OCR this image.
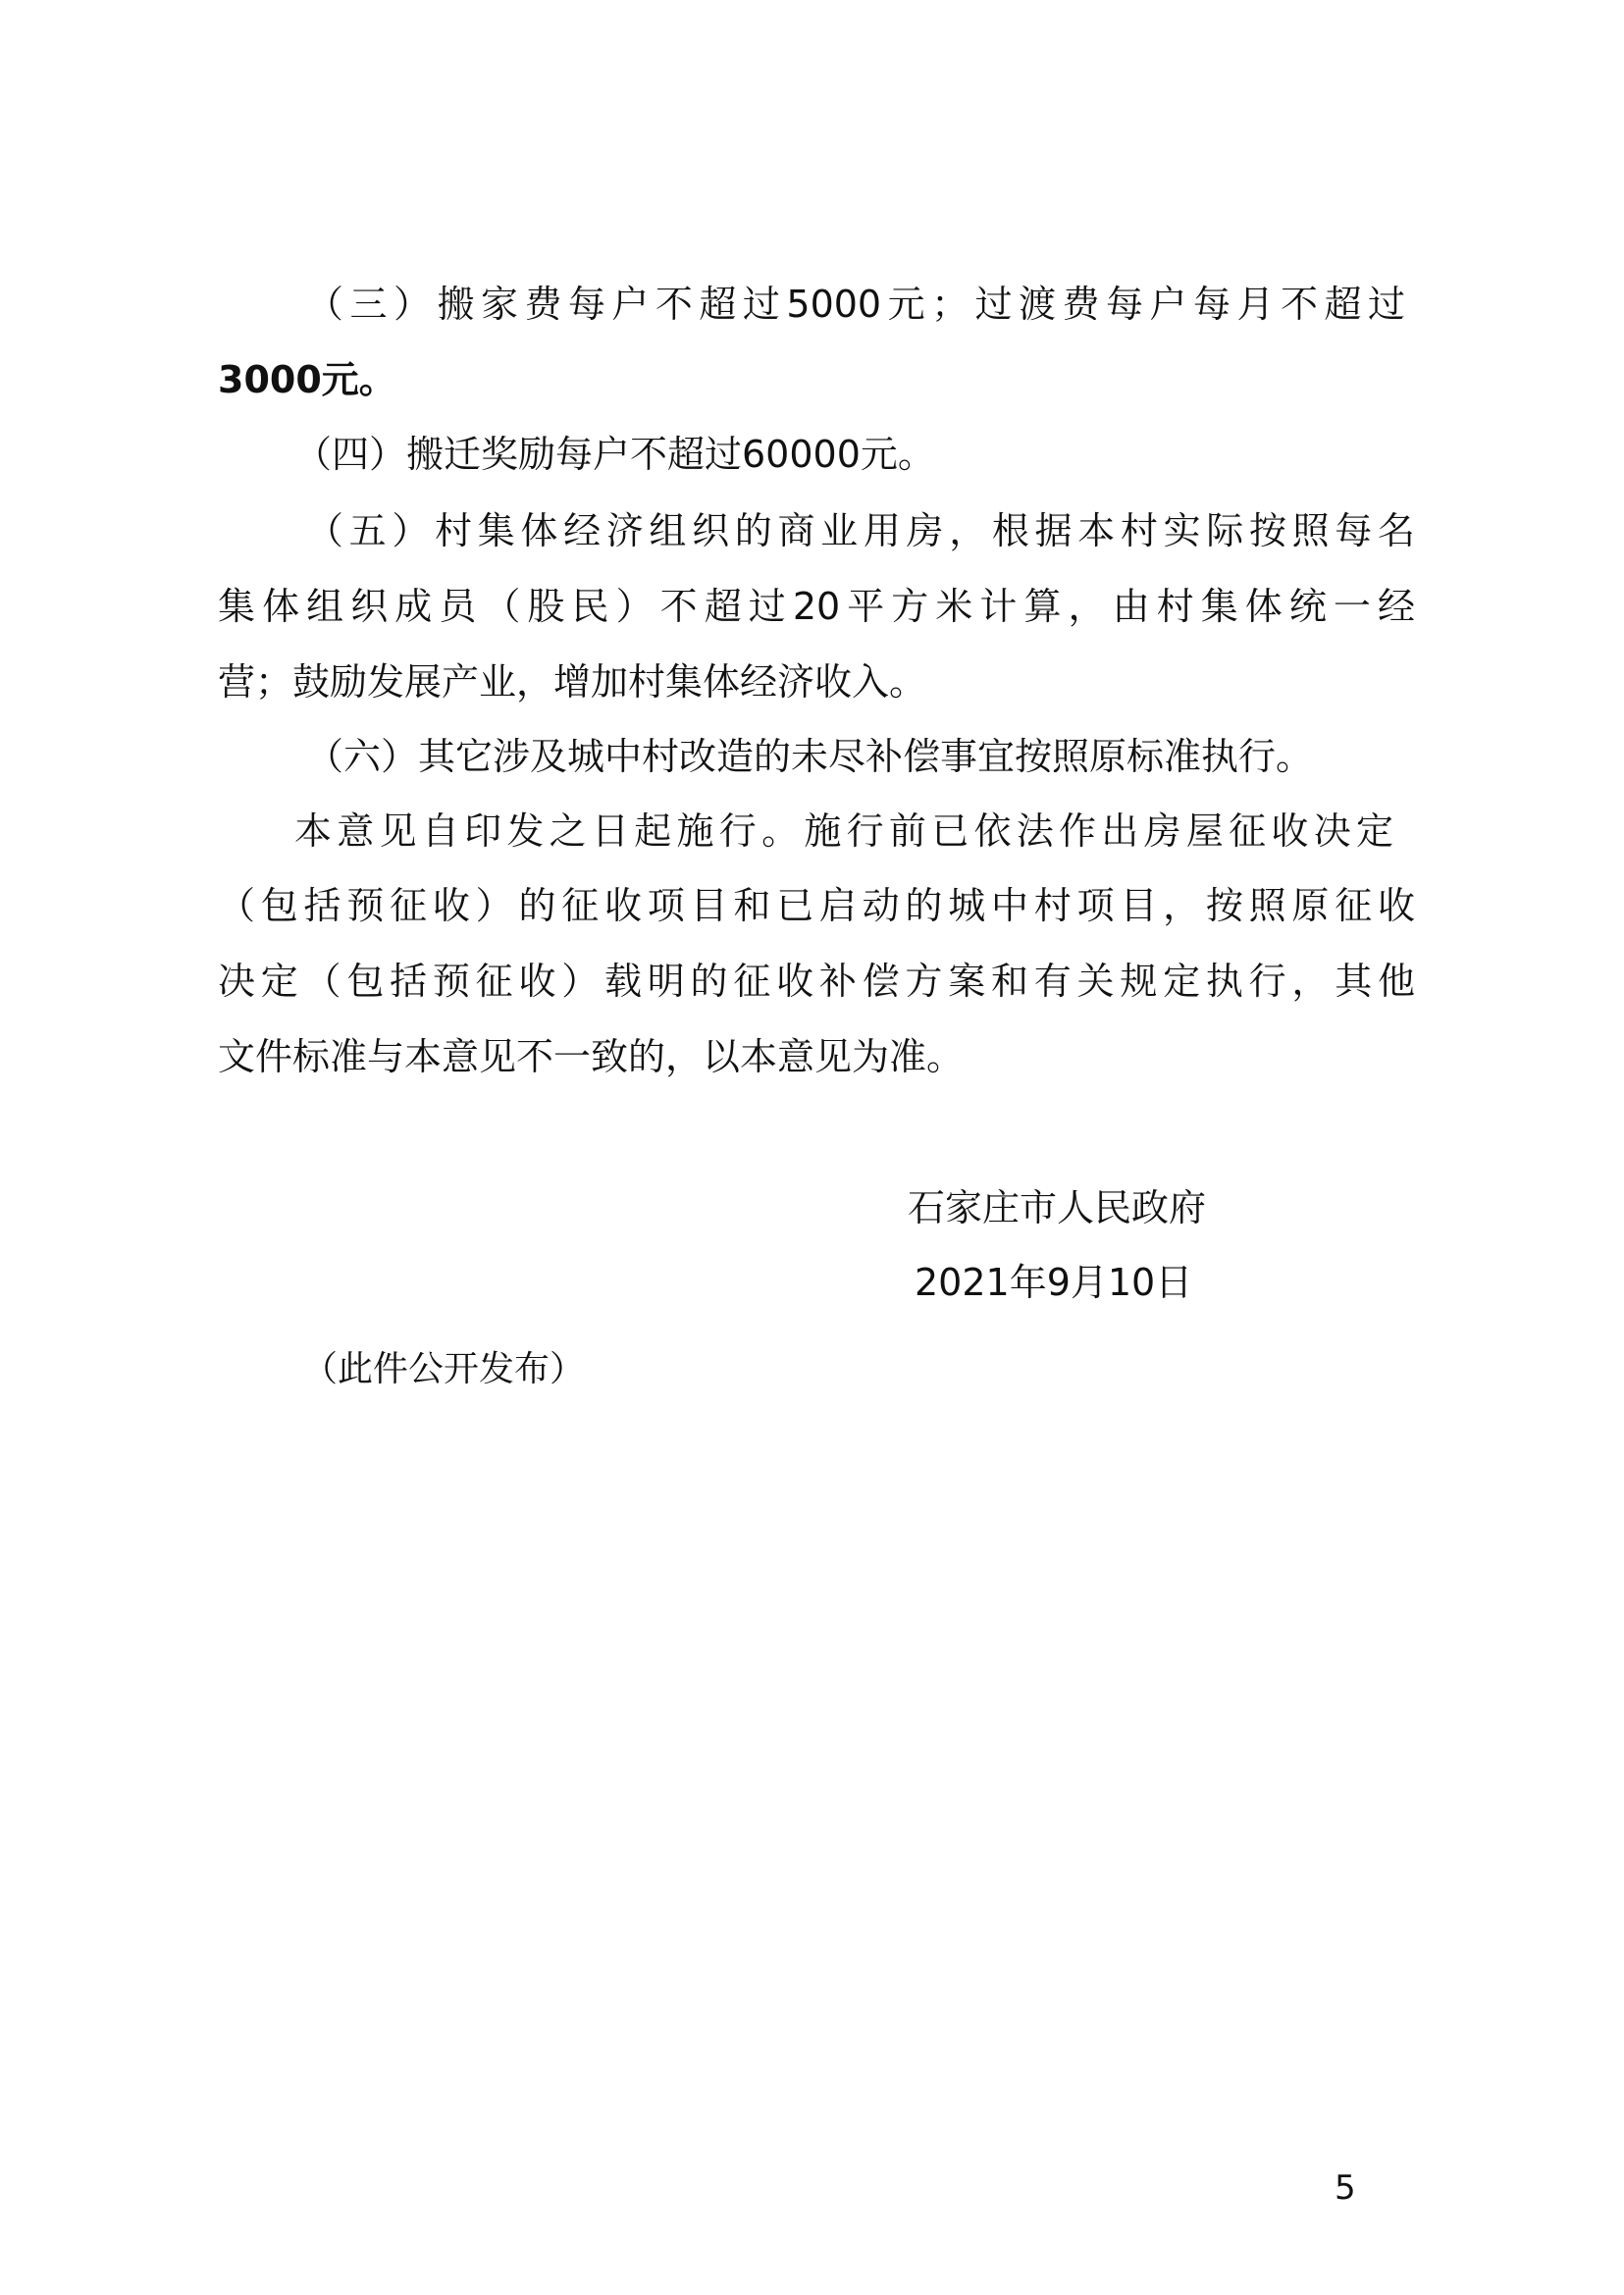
（三）搬家费每户不超过5000元；过渡费每户每月不超过
3000元。
（四）搬迁奖励每户不超过60000元。
（五）村集体经济组织的商业用房，根据本村实际按照每名
集体组织成员（股民）不超过20平方米计算，由村集体统一经
营；鼓励发展产业，增加村集体经济收入。
（六）其它涉及城中村改造的未尽补偿事宜按照原标准执行。
本意见自印发之日起施行。施行前已依法作出房屋征收决定
（包括预征收）的征收项目和已启动的城中村项目，按照原征收
决定（包括预征收）载明的征收补偿方案和有关规定执行，其他
文件标准与本意见不一致的，以本意见为准。
石家庄市人民政府
2021年9月10日
（此件公开发布）
5
